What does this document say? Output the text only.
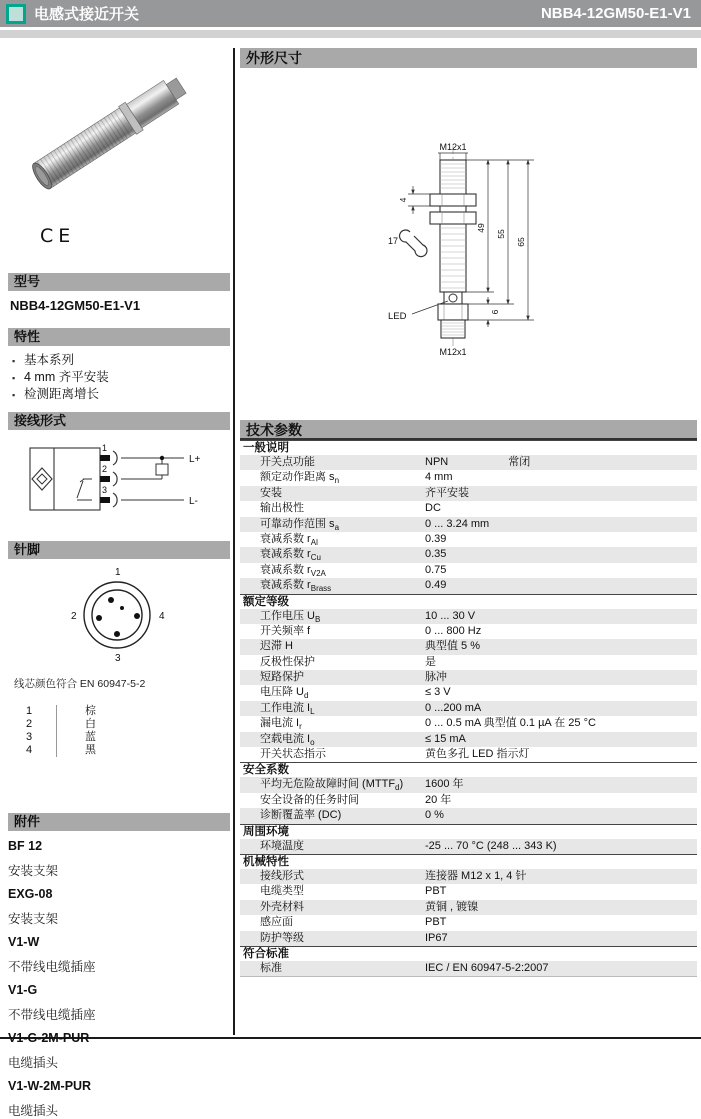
电感式接近开关	NBB4-12GM50-E1-V1
CE
型号
NBB4-12GM50-E1-V1
特性
▪ 基本系列
▪ 4 mm 齐平安装
▪ 检测距离增长
接线形式
1
2
3
L+
L-
针脚
1
2
3
4
线芯颜色符合 EN 60947-5-2
1	棕
2	白
3	蓝
4	黑
附件
BF 12
安装支架
EXG-08
安装支架
V1-W
不带线电缆插座
V1-G
不带线电缆插座
V1-G-2M-PUR
电缆插头
V1-W-2M-PUR
电缆插头
外形尺寸
M12x1
4
17
LED
M12x1
49
55
65
6
技术参数
一般说明
开关点功能	NPN	常闭
额定动作距离 $s_n$	4 mm
安装	齐平安装
输出极性	DC
可靠动作范围 $s_a$	0 ... 3.24 mm
衰减系数 $r_{Al}$	0.39
衰减系数 $r_{Cu}$	0.35
衰减系数 $r_{V2A}$	0.75
衰减系数 $r_{Brass}$	0.49
额定等级
工作电压 $U_B$	10 ... 30 V
开关频率 f	0 ... 800 Hz
迟滞 H	典型值 5 %
反极性保护	是
短路保护	脉冲
电压降 $U_d$	≤ 3 V
工作电流 $I_L$	0 ...200 mA
漏电流 $I_r$	0 ... 0.5 mA 典型值 0.1 µA 在 25 °C
空载电流 $I_o$	≤ 15 mA
开关状态指示	黄色多孔 LED 指示灯
安全系数
平均无危险故障时间 $(MTTF_d)$	1600 年
安全设备的任务时间	20 年
诊断覆盖率 (DC)	0 %
周围环境
环境温度	-25 ... 70 °C (248 ... 343 K)
机械特性
接线形式	连接器 M12 x 1, 4 针
电缆类型	PBT
外壳材料	黄铜 , 镀镍
感应面	PBT
防护等级	IP67
符合标准
标准	IEC / EN 60947-5-2:2007
